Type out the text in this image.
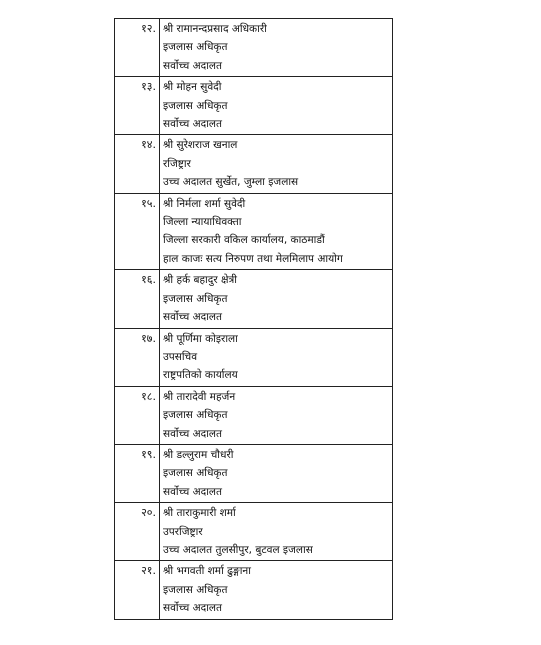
१२.	श्री रामानन्दप्रसाद अधिकारी
इजलास अधिकृत
सर्वोच्च अदालत

१३.	श्री मोहन सुवेदी
इजलास अधिकृत
सर्वोच्च अदालत

१४.	श्री सुरेशराज खनाल
रजिष्ट्रार
उच्च अदालत सुर्खेत, जुम्ला इजलास

१५.	श्री निर्मला शर्मा सुवेदी
जिल्ला न्यायाधिवक्ता
जिल्ला सरकारी वकिल कार्यालय, काठमाडौं
हाल काजः सत्य निरुपण तथा मेलमिलाप आयोग

१६.	श्री हर्क बहादुर क्षेत्री
इजलास अधिकृत
सर्वोच्च अदालत

१७.	श्री पूर्णिमा कोइराला
उपसचिव
राष्ट्रपतिको कार्यालय

१८.	श्री तारादेवी महर्जन
इजलास अधिकृत
सर्वोच्च अदालत

१९.	श्री डल्लुराम चौधरी
इजलास अधिकृत
सर्वोच्च अदालत

२०.	श्री ताराकुमारी शर्मा
उपरजिष्ट्रार
उच्च अदालत तुलसीपुर, बुटवल इजलास

२१.	श्री भगवती शर्मा ढुङ्गाना
इजलास अधिकृत
सर्वोच्च अदालत
